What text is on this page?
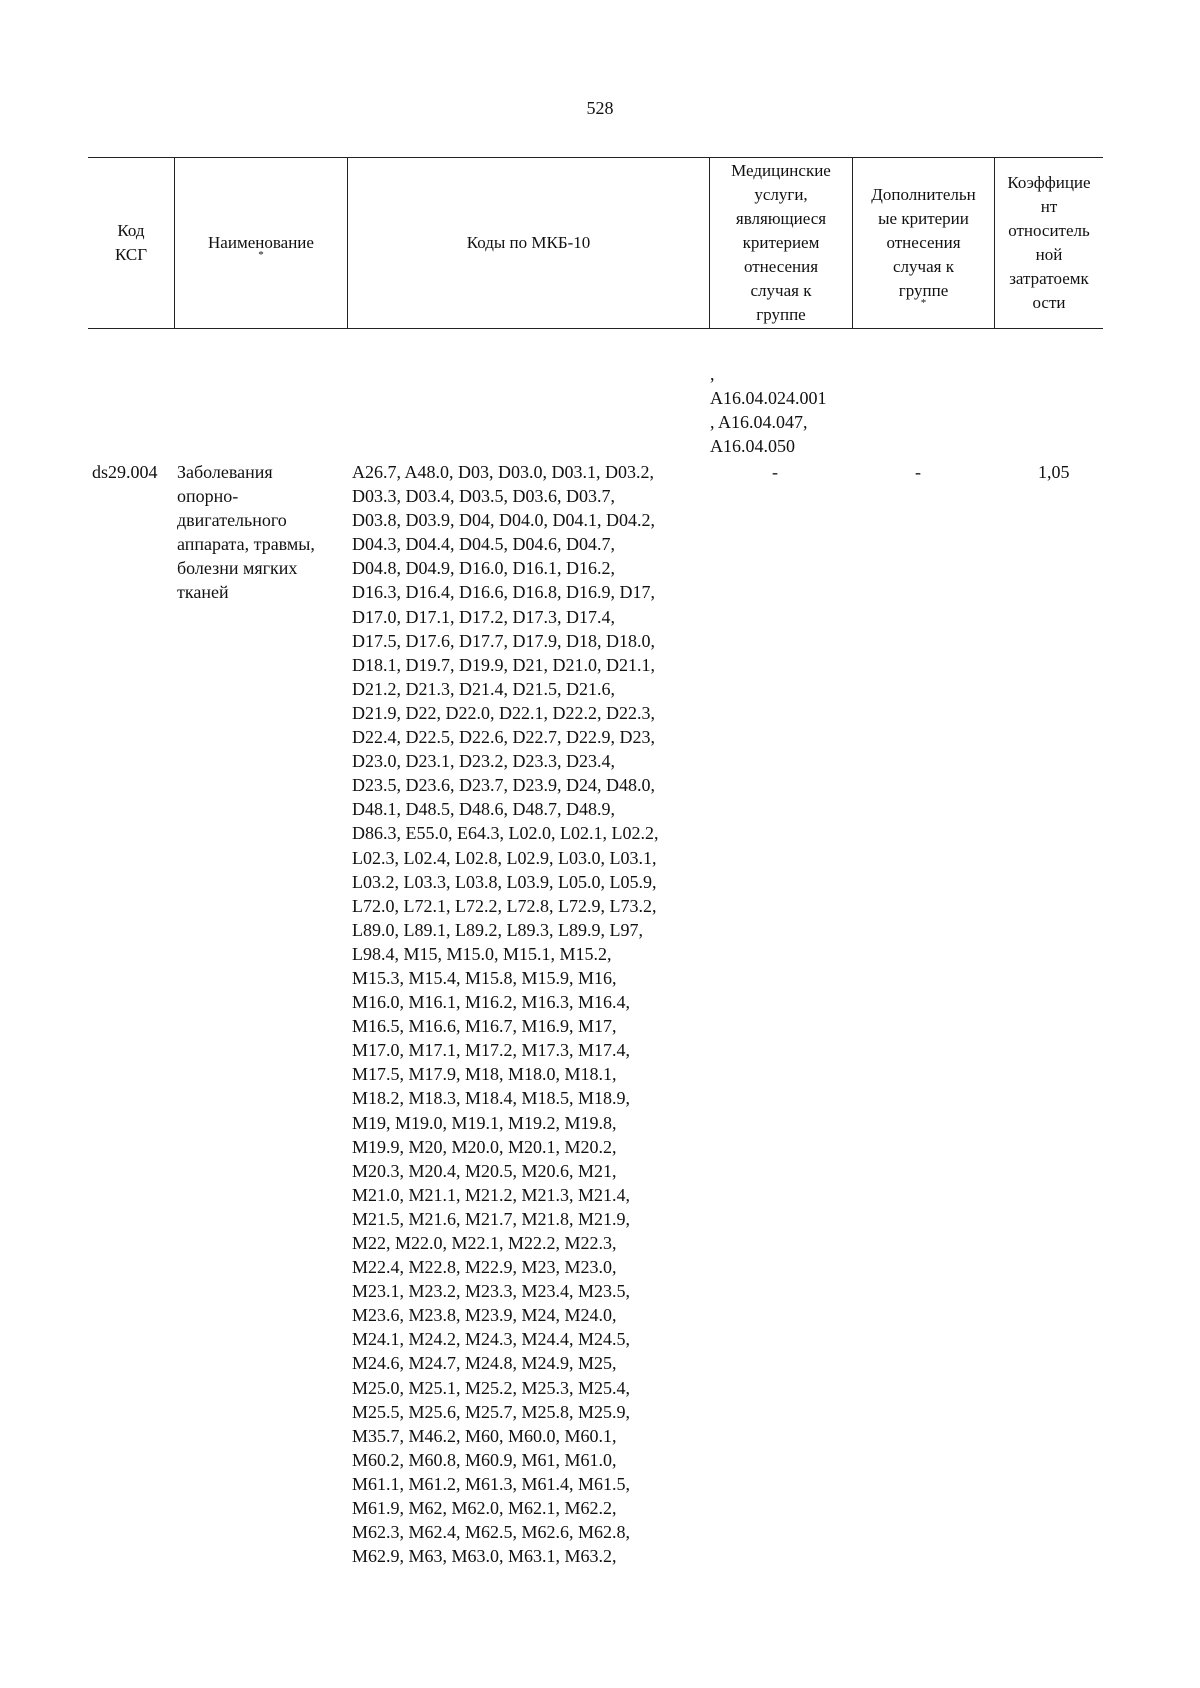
528
Код
КСГ
Наименование
*
Коды по МКБ-10
Медицинские
услуги,
являющиеся
критерием
отнесения
случая к
группе
Дополнительн
ые критерии
отнесения
случая к
группе
*
Коэффицие
нт
относитель
ной
затратоемк
ости
,
A16.04.024.001
, A16.04.047,
A16.04.050
ds29.004 Заболевания
опорно-
двигательного
аппарата, травмы,
болезни мягких
тканей
A26.7, A48.0, D03, D03.0, D03.1, D03.2,
D03.3, D03.4, D03.5, D03.6, D03.7,
D03.8, D03.9, D04, D04.0, D04.1, D04.2,
D04.3, D04.4, D04.5, D04.6, D04.7,
D04.8, D04.9, D16.0, D16.1, D16.2,
D16.3, D16.4, D16.6, D16.8, D16.9, D17,
D17.0, D17.1, D17.2, D17.3, D17.4,
D17.5, D17.6, D17.7, D17.9, D18, D18.0,
D18.1, D19.7, D19.9, D21, D21.0, D21.1,
D21.2, D21.3, D21.4, D21.5, D21.6,
D21.9, D22, D22.0, D22.1, D22.2, D22.3,
D22.4, D22.5, D22.6, D22.7, D22.9, D23,
D23.0, D23.1, D23.2, D23.3, D23.4,
D23.5, D23.6, D23.7, D23.9, D24, D48.0,
D48.1, D48.5, D48.6, D48.7, D48.9,
D86.3, E55.0, E64.3, L02.0, L02.1, L02.2,
L02.3, L02.4, L02.8, L02.9, L03.0, L03.1,
L03.2, L03.3, L03.8, L03.9, L05.0, L05.9,
L72.0, L72.1, L72.2, L72.8, L72.9, L73.2,
L89.0, L89.1, L89.2, L89.3, L89.9, L97,
L98.4, M15, M15.0, M15.1, M15.2,
M15.3, M15.4, M15.8, M15.9, M16,
M16.0, M16.1, M16.2, M16.3, M16.4,
M16.5, M16.6, M16.7, M16.9, M17,
M17.0, M17.1, M17.2, M17.3, M17.4,
M17.5, M17.9, M18, M18.0, M18.1,
M18.2, M18.3, M18.4, M18.5, M18.9,
M19, M19.0, M19.1, M19.2, M19.8,
M19.9, M20, M20.0, M20.1, M20.2,
M20.3, M20.4, M20.5, M20.6, M21,
M21.0, M21.1, M21.2, M21.3, M21.4,
M21.5, M21.6, M21.7, M21.8, M21.9,
M22, M22.0, M22.1, M22.2, M22.3,
M22.4, M22.8, M22.9, M23, M23.0,
M23.1, M23.2, M23.3, M23.4, M23.5,
M23.6, M23.8, M23.9, M24, M24.0,
M24.1, M24.2, M24.3, M24.4, M24.5,
M24.6, M24.7, M24.8, M24.9, M25,
M25.0, M25.1, M25.2, M25.3, M25.4,
M25.5, M25.6, M25.7, M25.8, M25.9,
M35.7, M46.2, M60, M60.0, M60.1,
M60.2, M60.8, M60.9, M61, M61.0,
M61.1, M61.2, M61.3, M61.4, M61.5,
M61.9, M62, M62.0, M62.1, M62.2,
M62.3, M62.4, M62.5, M62.6, M62.8,
M62.9, M63, M63.0, M63.1, M63.2,
-	-	1,05
